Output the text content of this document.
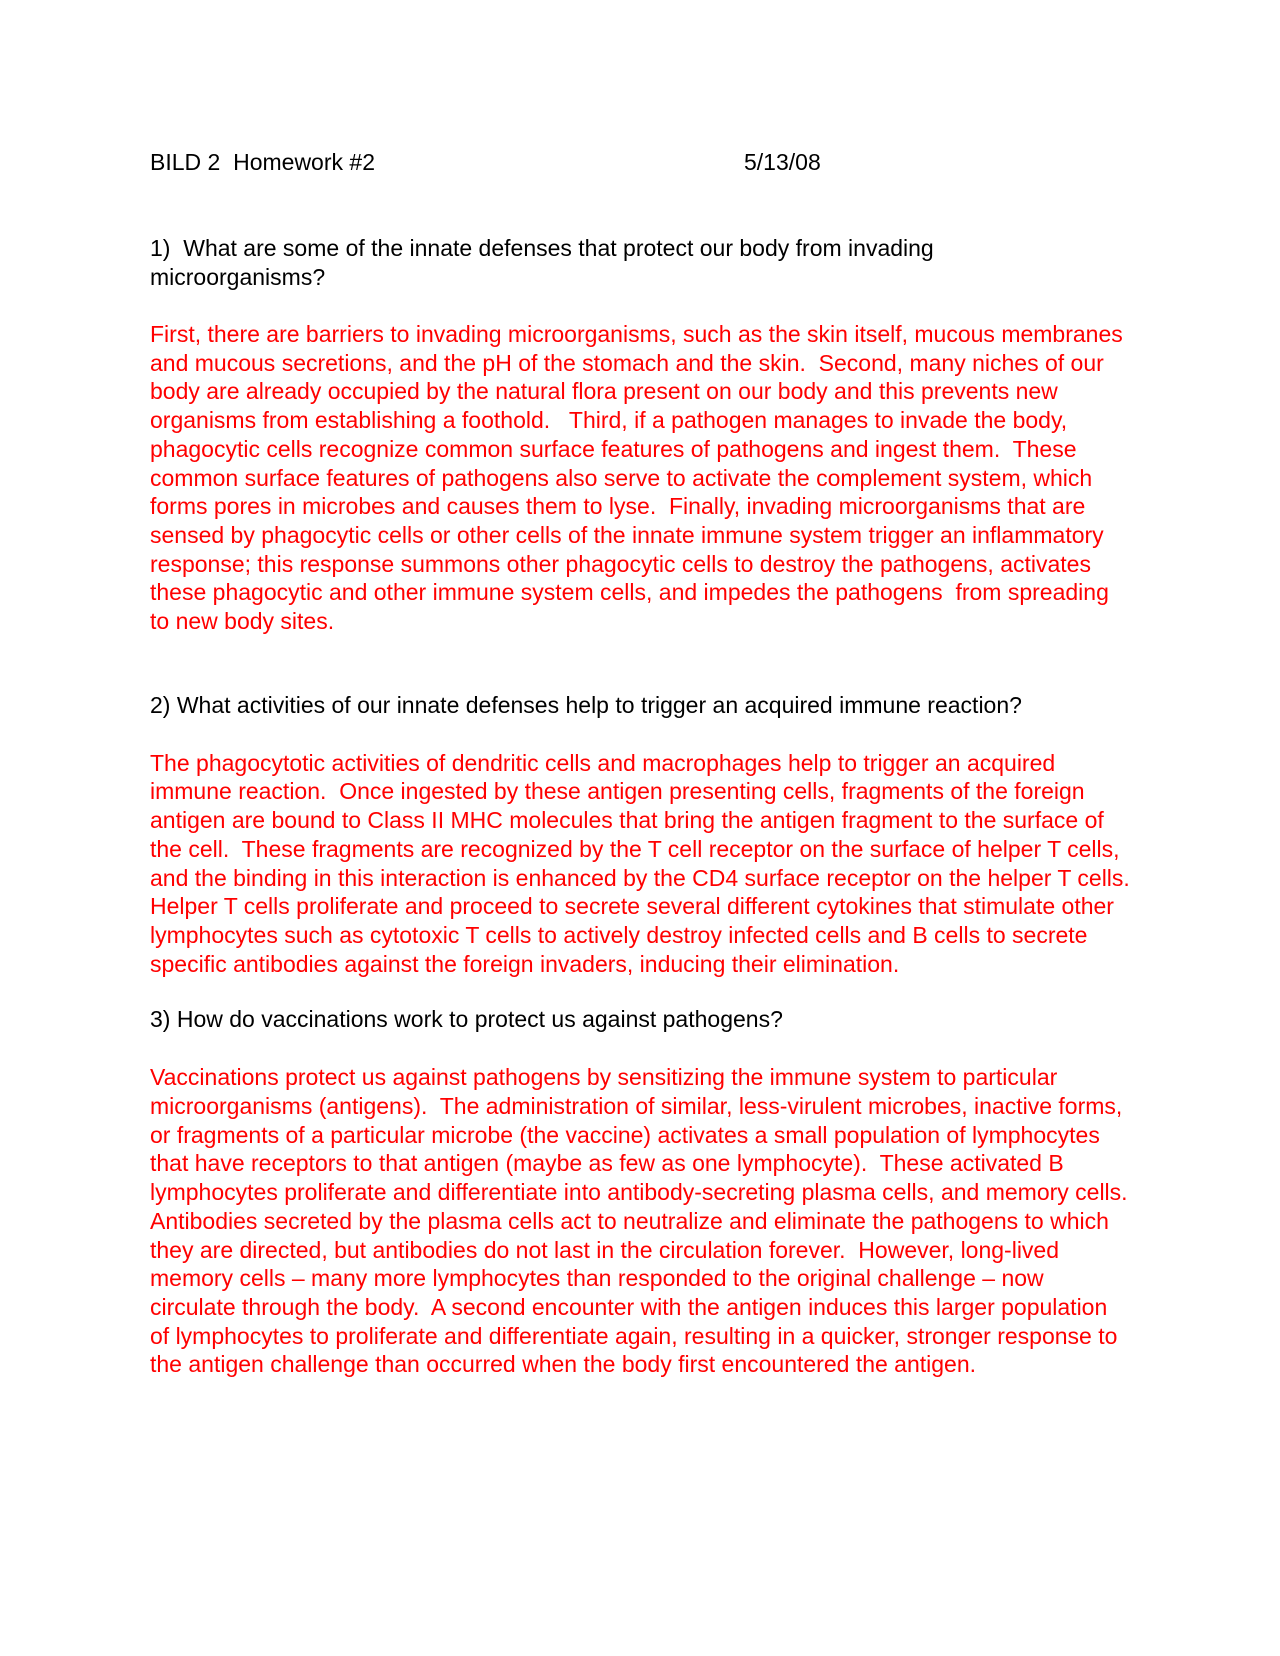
BILD 2  Homework #2	5/13/08

1)  What are some of the innate defenses that protect our body from invading microorganisms?

First, there are barriers to invading microorganisms, such as the skin itself, mucous membranes and mucous secretions, and the pH of the stomach and the skin.  Second, many niches of our body are already occupied by the natural flora present on our body and this prevents new organisms from establishing a foothold.   Third, if a pathogen manages to invade the body, phagocytic cells recognize common surface features of pathogens and ingest them.  These common surface features of pathogens also serve to activate the complement system, which forms pores in microbes and causes them to lyse.  Finally, invading microorganisms that are sensed by phagocytic cells or other cells of the innate immune system trigger an inflammatory response; this response summons other phagocytic cells to destroy the pathogens, activates these phagocytic and other immune system cells, and impedes the pathogens  from spreading to new body sites.

2) What activities of our innate defenses help to trigger an acquired immune reaction?

The phagocytotic activities of dendritic cells and macrophages help to trigger an acquired immune reaction.  Once ingested by these antigen presenting cells, fragments of the foreign antigen are bound to Class II MHC molecules that bring the antigen fragment to the surface of the cell.  These fragments are recognized by the T cell receptor on the surface of helper T cells, and the binding in this interaction is enhanced by the CD4 surface receptor on the helper T cells.  Helper T cells proliferate and proceed to secrete several different cytokines that stimulate other lymphocytes such as cytotoxic T cells to actively destroy infected cells and B cells to secrete specific antibodies against the foreign invaders, inducing their elimination.

3) How do vaccinations work to protect us against pathogens?

Vaccinations protect us against pathogens by sensitizing the immune system to particular microorganisms (antigens).  The administration of similar, less-virulent microbes, inactive forms, or fragments of a particular microbe (the vaccine) activates a small population of lymphocytes that have receptors to that antigen (maybe as few as one lymphocyte).  These activated B lymphocytes proliferate and differentiate into antibody-secreting plasma cells, and memory cells. Antibodies secreted by the plasma cells act to neutralize and eliminate the pathogens to which they are directed, but antibodies do not last in the circulation forever.  However, long-lived memory cells – many more lymphocytes than responded to the original challenge – now circulate through the body.  A second encounter with the antigen induces this larger population of lymphocytes to proliferate and differentiate again, resulting in a quicker, stronger response to the antigen challenge than occurred when the body first encountered the antigen.
